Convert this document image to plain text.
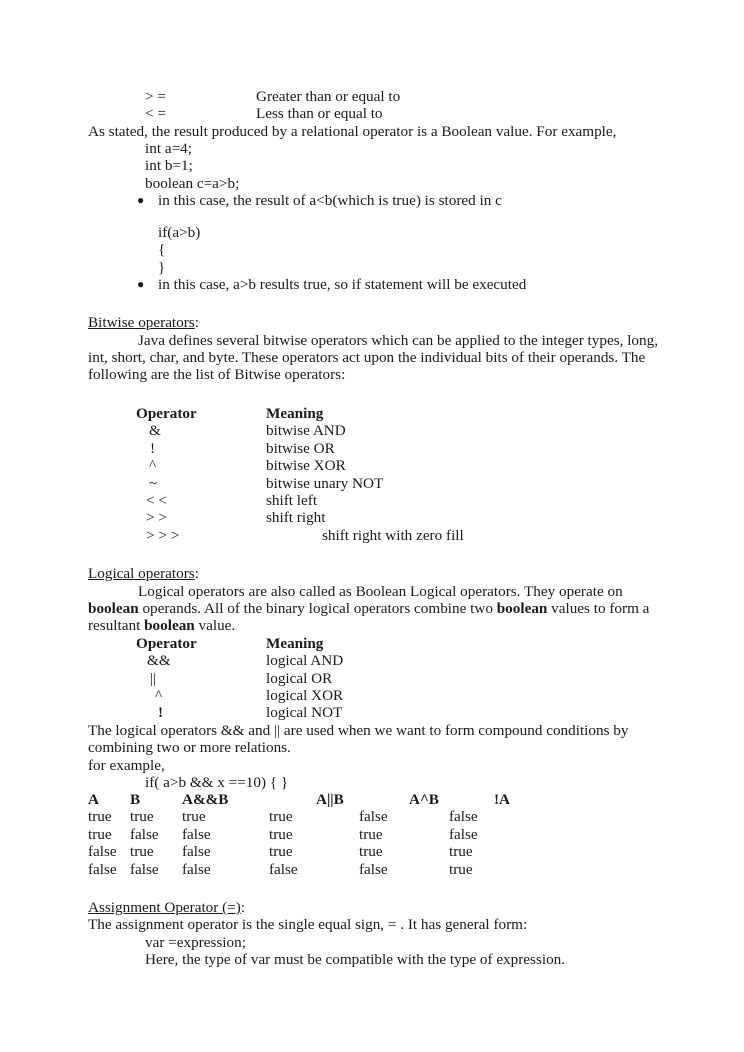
> =	Greater than or equal to
< =	Less than or equal to
As stated, the result produced by a relational operator is a Boolean value. For example,
int a=4;
int b=1;
boolean c=a>b;
● in this case, the result of a<b(which is true) is stored in c
if(a>b)
{
}
● in this case, a>b results true, so if statement will be executed
Bitwise operators:
Java defines several bitwise operators which can be applied to the integer types, long, int, short, char, and byte. These operators act upon the individual bits of their operands. The following are the list of Bitwise operators:
Operator	Meaning
&	bitwise AND
!	bitwise OR
^	bitwise XOR
~	bitwise unary NOT
< <	shift left
> >	shift right
> > >	shift right with zero fill
Logical operators:
Logical operators are also called as Boolean Logical operators. They operate on boolean operands. All of the binary logical operators combine two boolean values to form a resultant boolean value.
Operator	Meaning
&&	logical AND
||	logical OR
^	logical XOR
!	logical NOT
The logical operators && and || are used when we want to form compound conditions by combining two or more relations.
for example,
if( a>b && x ==10) { }
A	B	A&&B	A||B	A^B	!A
true	true	true	true	false	false
true	false	false	true	true	false
false true	false	true	true	true
false false	false	false	false	true
Assignment Operator (=):
The assignment operator is the single equal sign, = . It has general form:
var =expression;
Here, the type of var must be compatible with the type of expression.
